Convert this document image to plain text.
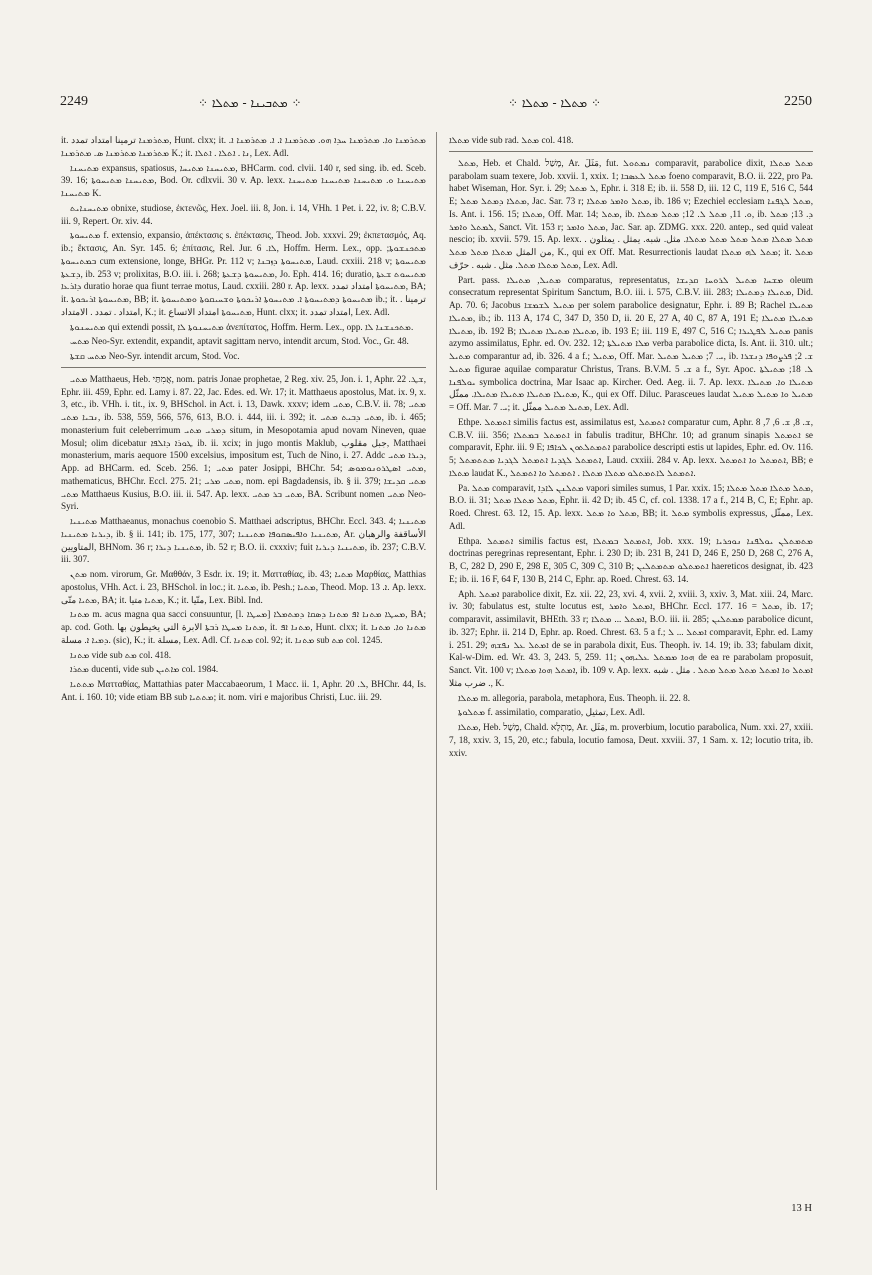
2249	⁘ ܡܬܒܝܢܐ - ܡܬܠܐ ⁘	⁘ ܡܬܠܐ - ܡܬܠܐ ⁘	2250

it. ܡܬܪܡܢܐ ترمينا امتداد تمدد, Hunt. clxx; it. ܡܬܪܡܢܐ ܘܐ. ܡܬܪܡܢܐ ܚܕܐ ܗܘ. ܡܬܪܡܢܐ ܐ. ܐ. ܡܬܪܡܢܐ ܐ. ܡܬܪܡܢܐ ܡܬܪܡܢܐ ܣ. ܡܬܪܡܢܐ K.; it. ܢܐ . ܐܬܠܐ . ܐܬܠܐ, Lex. Adl.

ܡܬܝܚܢܐ expansus, spatiosus, ܡܬܝܚܢܐ ܡܬܝܚܐ, BHCarm. cod. clvii. 140 r, sed sing. ib. ed. Sceb. 39. 16; ܡܬܝܚܢܐ ܡܬܝܚܘܬܐ, Bod. Or. cdlxvii. 30 v. Ap. lexx. ܡܬܝܚܢܐ ܘ. ܡܬܝܚܢܐ ܡܬܝܚܢܐ ܡܬܝܚܢܐ ܡܬܝܚܢܐ K.

ܡܬܝܚܢܐܝܬ obnixe, studiose, ἐκτενῶς, Hex. Joel. iii. 8, Jon. i. 14, VHh. 1 Pet. i. 22, iv. 8; C.B.V. iii. 9, Repert. Or. xiv. 44.

ܡܬܝܚܘܬܐ f. extensio, expansio, ἀπέκτασις s. ἐπέκτασις, Theod. Job. xxxvi. 29; ἐκπετασμός, Aq. ib.; ἔκτασις, An. Syr. 145. 6; ἐπίτασις, Rel. Jur. ܠܐ. 6, Hoffm. Herm. Lex., opp. ܡܬܟܢܫܘܬܐ; ܒܡܬܝܚܘܬܐ cum extensione, longe, BHGr. Pr. 112 v; ܡܬܝܚܘܬܐ ܕܙܒܢܐ, Laud. cxxiii. 218 v; ܡܬܝܚܘܬܐ ܕܫܥܬܐ, ib. 253 v; prolixitas, B.O. iii. i. 268; ܡܬܝܚܘܬܐ ܕܫܥܬܐ, Jo. Eph. 414. 16; duratio, ܡܬܝܚܘܬ ܫܥܬܐ ܕܐܪܥܐ duratio horae qua fiunt terrae motus, Laud. cxxiii. 280 r. Ap. lexx. ܡܬܝܚܘܬܐ امتداد تمدد, BA; it. ܡܬܝܚܘܬܐ ܐܪܝܟܘܬܐ, BB; it. ܡܬܝܚܘܬܐ ܕܡܬܝܚܘܬܐ ܐ. ܡܬܝܚܘܬܐ ܐܪܝܟܘܬܐ ܘܫܚܝܩܘܬܐ ܘܡܬܝܚܘܬܐ ib.; it. ترمينا . امتداد . تمدد . الامتداد, K.; it. ܡܬܝܚܘܬܐ امتداد الاتساع, Hunt. clxx; it. امتداد تمدد, Lex. Adl.

ܡܬܝܚܢܘܬܐ qui extendi possit, ܡܬܝܚܢܘܬܐ ܠܐ ἀνεπίτατος, Hoffm. Herm. Lex., opp. ܡܬܟܢܫܢܐ ܠܐ.

ܡܬܚ Neo-Syr. extendit, expandit, aptavit sagittam nervo, intendit arcum, Stod. Voc., Gr. 48.

ܡܬܚ ܩܫܬܐ Neo-Syr. intendit arcum, Stod. Voc.

ܡܬܝ Matthaeus, Heb. אֲמִתַּי, nom. patris Jonae prophetae, 2 Reg. xiv. 25, Jon. i. 1, Aphr. ܫܛ. 22, Ephr. iii. 459, Ephr. ed. Lamy i. 87. 22, Jac. Edes. ed. Wr. 17; it. Matthaeus apostolus, Mat. ix. 9, x. 3, etc., ib. VHh. i. tit., ix. 9, BHSchol. in Act. i. 13, Dawk. xxxv; idem ܡܬܝ, C.B.V. ii. 78; ܡܬܝ ܢܒܝܐ ܡܬܝ, ib. 538, 559, 566, 576, 613, B.O. i. 444, iii. i. 392; it. ܡܬܝ ܕܒܝܬ ܡܬܝ, ib. i. 465; monasterium fuit celeberrimum ܕܡܪܝ ܡܬܝ situm, in Mesopotamia apud novam Nineven, quae Mosul; olim dicebatur ܛܘܪܐ ܕܐܠܦܐ ib. ii. xcix; in jugo montis Maklub, جبل مقلوب, Matthaei monasterium, maris aequore 1500 excelsius, impositum est, Tuch de Nino, i. 27. Addc ܕܝܪܐ ܡܬܝ, App. ad BHCarm. ed. Sceb. 256. 1; ܡܬܝ pater Josippi, BHChr. 54; ܡܬܝ ܐܣܛܪܘܢܘܡܘܣ, mathematicus, BHChr. Eccl. 275. 21; ܡܬܝ ܡܪܝ, nom. epi Bagdadensis, ib. § ii. 379; ܡܬܝ ܩܕܝܫܐ ܡܬܝ Matthaeus Kusius, B.O. iii. ii. 547. Ap. lexx. ܡܬܝ ܒܪ ܡܬܝ, BA. Scribunt nomen ܡܬܝ Neo-Syri.

ܡܬܝܢܝܐ Matthaeanus, monachus coenobio S. Matthaei adscriptus, BHChr. Eccl. 343. 4; ܡܬܝܢܝܐ ܕܝܪܝܐ ܡܬܝܢܝܐ, ib. § ii. 141; ib. 175, 177, 307; ܡܬܝܢܝܐ ܘܐܦܝܣܩܘܦܐ ܡܬܝܢܝܐ, Ar. الأساقفة والرهبان المتاويين, BHNom. 36 r; ܡܬܝܢܝܐ ܕܝܪܐ, ib. 52 r; B.O. ii. cxxxiv; fuit ܡܬܝܢܝܐ ܕܝܪܝܐ, ib. 237; C.B.V. iii. 307.

ܡܬܢ nom. virorum, Gr. Μαθθάν, 3 Esdr. ix. 19; it. Ματταθίας, ib. 43; ܡܬܝܐ Μαρθίας, Matthias apostolus, VHh. Act. i. 23, BHSchol. in loc.; it. ܡܬܝܐ, ib. Pesh.; ܡܬܝܐ, Theod. Mop. ܐ. 13. Ap. lexx. ܡܬܝܐ متّى, BA; it. ܡܬܝܐ متيا, K.; it. متّيا, Lex. Bibl. Ind.

ܡܬܢܐ m. acus magna qua sacci consuuntur, [l. ܡܚܛܐ] ܡܚܛܐ ܡܬܢܐ ܐܦ ܡܬܢܐ ܕܣܩܐ ܕܡܬܡܠܐ, BA; ap. cod. Goth. ܡܬܢܐ ܡܚܛܐ ܪܒܬܐ الابرة التي يخيطون بها, it. ܡܬܢܐ ܐܦ, Hunt. clxx; it. ܡܬܢܐ ܘܐ. ܡܬܢܐ ܕܡܝܐ ܐ. مسلة. (sic), K.; it. مسلة, Lex. Adl. Cf. ܡܬܢܐ col. 92; it. ܡܬܢܐ sub ܡܬ col. 1245.

ܡܬܢܐ vide sub ܡܬ col. 418.

ܡܬܪܐ ducenti, vide sub ܡܐܬܝܢ col. 1984.

ܡܬܬܝܐ Ματταθίας, Mattathias pater Maccabaeorum, 1 Macc. ii. 1, Aphr. ܠ. 20, BHChr. 44, Is. Ant. i. 160. 10; vide etiam BB sub ܡܬܬܝܐ; it. nom. viri e majoribus Christi, Luc. iii. 29.

ܡܬܠܐ vide sub rad. ܡܬܠ col. 418.

ܡܬܠ, Heb. et Chald. מָשַׁל, Ar. مَثَلَ, fut. ܢܡܬܘܠ comparavit, parabolice dixit, ܡܬܠ ܡܬܠܐ parabolam suam texere, Job. xxvii. 1, xxix. 1; ܡܬܠ ܠܥܣܒܐ foeno comparavit, B.O. ii. 222, pro Pa. habet Wiseman, Hor. Syr. i. 29; ܠ ܡܬܠ, Ephr. i. 318 E; ib. ii. 558 D, iii. 12 C, 119 E, 516 C, 544 E; ܡܬܠܐ ܕܡܬܠ ܡܬܠ, Jac. Sar. 73 r; ܡܬܠ ܘܐܡܪ ܡܬܠܐ, ib. 186 v; Ezechiel ecclesiam ܡܬܠ ܠܓܦܢܐ, Is. Ant. i. 156. 15; ܡܬܠܐ, Off. Mar. 14; ܡܬܠ, ib. ܘ. 11, ܡܬܠ ܠ. 12; ܡܬܠ ܡܬܠܐ, ib. ܕ. 13; ܡܬܠ ܠܡܬܠ ܘܐܡܪ, Sanct. Vit. 153 r; ܡܬܠ ܘܐܡܪ, Jac. Sar. ap. ZDMG. xxx. 220. antep., sed quid valeat nescio; ib. xxvii. 579. 15. Ap. lexx. ܡܬܠ ܡܬܠܐ ܡܬܠ ܡܬܠ ܡܬܠ ܡܬܠܐ. مثل. شبه. يمثل . يمثلون . من المثل ܡܬܠܐ ܡܬܠ ܡܬܠ, K., qui ex Off. Mat. Resurrectionis laudat ܡܬܠ ܠܗ ܡܬܠܐ; it. ܡܬܠ ܡܬܠ ܡܬܠܐ ܡܬܠ. مثل . شبه . حرّف, Lex. Adl.

Part. pass. ܡܬܝܠ, ܡܬܝܠܐ comparatus, representatus, ܡܫܚܐ ܡܬܝܠ ܠܪܘܚܐ ܩܕܝܫܐ oleum consecratum representat Spiritum Sanctum, B.O. iii. i. 575, C.B.V. iii. 283; ܡܬܝܠܐ ܕܡܬܝܠܐ, Did. Ap. 70. 6; Jacobus ܡܬܝܠ ܠܫܡܫܐ per solem parabolice designatur, Ephr. i. 89 B; Rachel ܡܬܝܠܐ ܡܬܝܠܐ, ib.; ib. 113 A, 174 C, 347 D, 350 D, ii. 20 E, 27 A, 40 C, 87 A, 191 E; ܡܬܝܠܐ ܡܬܝܠܐ ܡܬܝܠܐ, ib. 192 B; ܡܬܝܠܐ ܡܬܝܠܐ ܡܬܝܠܐ, ib. 193 E; iii. 119 E, 497 C, 516 C; ܡܬܝܠ ܠܦܛܝܪܐ panis azymo assimilatus, Ephr. ed. Ov. 232. 12; ܡܠܐ ܡܬܝܠܬܐ verba parabolice dicta, Is. Ant. ii. 310. ult.; ܡܬܝܠ comparantur ad, ib. 326. 4 a f.; ܡܬܝܠ, Off. Mar. ܝ. 7; ܡܬܝܠ ܡܬܝܠ, ib. ܫ. 2; ܦܪܨܘܦܐ ܕܢܫܪܐ ܡܬܝܠ figurae aquilae comparatur Christus, Trans. B.V.M. ܫ. 5 a f., Syr. Apoc. ܠ. 18; ܡܬܝܠܬܐ ܝܘܠܦܢܐ symbolica doctrina, Mar Isaac ap. Kircher. Oed. Aeg. ii. 7. Ap. lexx. ܡܬܝܠܐ ܘܐ. ܡܬܝܠܐ ܡܬܝܠܐ ܡܬܝܠܐ ܡܬܝܠܐ ܡܬܝܠܐ. ممثّل, K., qui ex Off. Diluc. Parasceues laudat ܡܬܝܠ ܘܐ ܡܬܝܠ ܡܬܝܠ = Off. Mar. ܝ. 7; it. ܡܬܝܠ ܡܬܝܠ ممثّل, Lex. Adl.

Ethpe. ܐܬܡܬܠ similis factus est, assimilatus est, ܐܬܡܬܠ comparatur cum, Aphr. ܫ. 8, ܫ. 6, 7, 8, C.B.V. iii. 356; ܐܬܡܬܠ ܒܡܬܠܐ in fabulis traditur, BHChr. 10; ad granum sinapis ܐܬܡܬܠ se comparavit, Ephr. iii. 9 E; ܐܬܡܬܠܬܘܢ ܠܟܐܦܐ parabolice descripti estis ut lapides, Ephr. ed. Ov. 116. 5; ܐܬܡܬܠ ܠܓܕܝܐ ܐܬܡܬܠ ܠܓܕܝܐ ܡܬܬܡܬܠ, Laud. cxxiii. 284 v. Ap. lexx. ܐܬܡܬܠ ܘܐ ܐܬܡܬܠ, BB; e ܡܬܠܐ laudat K., ܐܬܡܬܠ ܠܐܬܡܬܠܘ ܡܬܠܐ ܡܬܠܐ . ܐܬܡܬܠ ܘܐ ܐܬܡܬܠ.

Pa. ܡܬܠ comparavit, ܡܬܠܢܢ ܠܐܕܐ vapori similes sumus, 1 Par. xxix. 15; ܡܬܠ ܡܬܠܐ ܡܬܠ ܡܬܠܐ, B.O. ii. 31; ܡܬܠ ܡܬܠܐ ܡܬܠ, Ephr. ii. 42 D; ib. 45 C, cf. col. 1338. 17 a f., 214 B, C, E; Ephr. ap. Roed. Chrest. 63. 12, 15. Ap. lexx. ܡܬܠ ܘܐ ܡܬܠ, BB; it. ܡܬܠ symbolis expressus, ممثّل, Lex. Adl.

Ethpa. ܐܬܡܬܠ similis factus est, ܐܬܡܬܠ ܒܡܬܠܐ, Job. xxx. 19; ܡܬܡܬܠܢ ܝܘܠܦܢܐ ܢܘܟܪܝܐ doctrinas peregrinas representant, Ephr. i. 230 D; ib. 231 B, 241 D, 246 E, 250 D, 268 C, 276 A, B, C, 282 D, 290 E, 298 E, 305 C, 309 C, 310 B; ܐܬܡܬܠܘ ܡܬܡܬܠܝܢ haereticos designat, ib. 423 E; ib. ii. 16 F, 64 F, 130 B, 214 C, Ephr. ap. Roed. Chrest. 63. 14.

Aph. ܐܡܬܠ parabolice dixit, Ez. xii. 22, 23, xvi. 4, xvii. 2, xviii. 3, xxiv. 3, Mat. xiii. 24, Marc. iv. 30; fabulatus est, stulte locutus est, ܐܡܬܠ ܘܐܡܪ, BHChr. Eccl. 177. 16 = ܡܬܠ, ib. 17; comparavit, assimilavit, BHEth. 33 r; ܐܡܬܠ ... ܡܬܠܐ, B.O. iii. ii. 285; ܡܡܬܠܝܢ parabolice dicunt, ib. 327; Ephr. ii. 214 D, Ephr. ap. Roed. Chrest. 63. 5 a f.; ܐܡܬܠ ... ܠ comparavit, Ephr. ed. Lamy i. 251. 29; ܐܡܬܠ ܥܠ ܢܦܫܗ de se in parabola dixit, Eus. Theoph. iv. 14. 19; ib. 33; fabulam dixit, Kal-w-Dim. ed. Wr. 43. 3, 243. 5, 259. 11; ܗܘܐ ܡܡܬܠ ܥܠܝܗܘܢ de ea re parabolam proposuit, Sanct. Vit. 100 v; ܐܡܬܠ ܗܘܐ ܡܬܠܐ, ib. 109 v. Ap. lexx. ܐܡܬܠ ܘܐ ܐܡܬܠ ܡܬܠ ܡܬܠ ܡܬܠ . مثل . شبه . ضرب مثلا, K.

ܡܬܠܐ m. allegoria, parabola, metaphora, Eus. Theoph. ii. 22. 8.

ܡܬܠܘܬܐ f. assimilatio, comparatio, تمثيل, Lex. Adl.

ܡܬܠܐ, Heb. מָשָׁל, Chald. מַתְלָא, Ar. مَثَل, m. proverbium, locutio parabolica, Num. xxi. 27, xxiii. 7, 18, xxiv. 3, 15, 20, etc.; fabula, locutio famosa, Deut. xxviii. 37, 1 Sam. x. 12; locutio trita, ib. xxiv.

13 H
